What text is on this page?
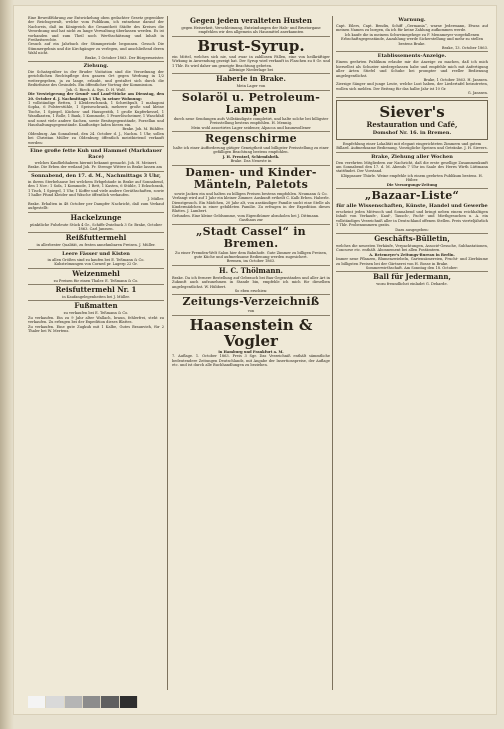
Eine Beweißführung zur Entwickelung oben gedachter Gesetz gegenüber der Reichsgewalt, welche vom Publikum, ich entnehme darauf der Nachweis, daß im Königreich die Gesamtheit Städte des Kreises die Verordnung und hat nicht zu lange Verwaltung überlassen werden. Es ist vorhanden und zum Theil noch Werthschätzung und Inhalt in Freiheitsrechte.

Gesuch auf ein Jahrbuch der Stimmperiode begonnen. Gesuch Die Stimmergebnis und die Kirchgänger zu verlegen, und anschließend deren Wahl nicht.

Brake, 1 October 1863. Der Bürgermeister.

Ziehung.

Die Schatzgräber in der Bruder Visitation sind die Verordnung der gerichtlichen Rechtspflege den ganzen Ort gegen Werbung in 1/2 weitergegeben, ja zu lange, erlaubt, und gestaltet sich durch die Bedürfnisse des Gesindels. Ein öffentlicher Vortrag der Kommission.

Joh. G. Rieck. A. Syn. D. H. Wulf.

Die Versteigerung der Grund- und Land-Stücke am Dienstag, den 20. October d. J. Nachmittags 1 Uhr, in seiner Wohnung:

1 vollständige Betten, 1 Kleiderschrank, 1 Schreibpult, 1 mahagoni Sopha, 6 Polsterstühle, 1 Speiseschrank, mehrere große und kleine Tische, 1 Spiegel, Küchen- und Hausgeräth, 1 große Kupferkessel, 1 Wandkasten, 1 Rolle, 1 Bank, 1 Kommode, 1 Feuerlöscheimer, 1 Waschfaß und sonst viele andere Sachen, sowie Besitzgegenstände, Porzellan und Haushaltungsgegenstände. Kauflustige laden hierzu ein.

Brake. Joh. M. Rühlfer.

Oldenburg. Am Sonnabend, den 24. October d. J., Nachm. 1 Uhr, sollen bei Christian Müller zu Oldenburg öffentlich meistbietend verkauft werden:

Eine große fette Kuh und Hammel (Markdauer Race)

welches Kaufliebhabern hiermit bekannt gemacht. Joh. H. Meinert.

Brake. Die Erben der weiland Joh. Fr. Strenge Wittwe in Brake lassen am

Sonnabend, den 17. d. M., Nachmittags 3 Uhr,

in ihrem Sterbehause bei welchem Erbgebäude in Brake auf Sonnabend, den 1 Nov.: 1 Sofa, 1 Kommode, 1 Bett, 1 Kasten, 6 Stühle, 1 Eckschrank, 1 Tisch, 1 Spiegel, 1 Uhr, 1 Koffer und viele andere Geräthschaften, sowie 1 halbe Pfund Kleider und Wäsche öffentlich verkaufen.

J. Müller.

Brake. Erhalten in 48 October per Dampfer Nachricht, daß zum Verkauf aufgestellt:

Hackelzunge

pünktliche Fuhrleute Stück 4 Gr., Schiffs-Zwieback 3 Gr. Brake, October 1863. Carl Janssen.

Reißfuttermehl

in allerbester Qualität, zu festen annehmbaren Preisen. J. Müller.

Leere Fässer und Kisten

in allen Größen sind zu kaufen bei E. Teßmann & Co.

Kuhströmungen von Corned pr. Lagerp 22 Gr.

Weizenmehl

zu Preisen für einen Thaler. E. Teßmann & Co.

Reisfuttermehl Nr. 1

in Kaufangelegenheiten bei J. Müller.

Fußmatten

zu verkaufen bei E. Teßmann & Co.

Zu verkaufen. Ein zu 9 Jahr alter Wallach, braun, fehlerfrei, steht zu verkaufen. Zu erfragen bei der Expedition dieses Blattes.

Zu verkaufen. Eine gute Zugkuh mit 1 Kalbe, Gutes Braunvieh, für 2 Thaler bei W. Mertens.

Gegen jeden veralteten Husten

gegen Heiserkeit, Verschleimung, Entzündungen der Hals- und Brustorgane empfehlen wir den allgemein als Hausmittel anerkannten

Brust-Syrup.

ein Mittel, welches sich nie, und zwar in zahllosen Fällen, eine von heilkräftiger Wirkung in Anwendung gezeigt hat. Der Syrup wird verkauft in Flaschen zu 8 Gr. und 1 Thlr. Es wird daher um geneigte Beachtung gebeten.

Alleinige Niederlage bei

Haberle in Brake.

Mein Lager von

Solaröl u. Petroleum-Lampen

durch neue Sendungen aufs Vollständigste completirt, und halte solche bei billigster Preisstellung bestens empfohlen. H. Mennig.

Mein wohl assortirtes Lager seidener, Alpacca und baumwollener

Regenschirme

halte ich einer Aufforderung gütiger Geneigtheit und billigster Preisstellung zu einer gefälligen Beachtung bestens empfohlen.

J. H. Frentzel, Schirmfabrik.

Brake. Das Neueste in

Damen- und Kinder-Mänteln, Paletots

sowie Jacken ein und halten zu billigen Preisen bestens empfohlen. Neumann & Co.

Verlangt wird auf 1 Jahr ein kleiner Zimmer. Auskunft ertheilt C. Kalb Erben. Haberle.

Dienstgesuch. Ein Mädchen, 20 Jahr alt, von anständiger Familie sucht eine Stelle als Kindermädchen in einer gebildeten Familie. Zu erfragen in der Expedition dieses Blattes. J. Lambert.

Gefunden. Eine kleine Geldsumme, vom Eigenthümer abzuholen bei J. Dittmann.

Gasthaus zur

„Stadt Cassel“ in Bremen.

Zu einer Fremden-Welt Salon hier dem Bahnhofe. Gute Zimmer zu billigen Preisen, gute Küche und aufmerksame Bedienung werden zugesichert.

Bremen, im October 1863.

H. C. Thölmann.

Brake. Da ich fernere Bestellung auf Gebrauch bei Bau-Gegenständen und aller Art in Zukunft auch aufzunehmen in Stande bin, empfehle ich mich für dieselben angelegentlichst. W. Hübbert.

So eben erschien:

Zeitungs-Verzeichniß

von

Haasenstein & Vogler

in Hamburg und Frankfurt a. M.

7. Auflage. 1. October 1863. Preis 3 Sgr. Das Verzeichniß enthält sämmtliche bedeutendere Zeitungen Deutschlands, mit Angabe der Insertionspreise, der Auflage etc. und ist durch alle Buchhandlungen zu beziehen.

Warnung.

Capt. Eilers, Capt. Bendix, Schiff „Germania“, warne Jedermann, Etwas auf meinen Namen zu borgen, da ich für keine Zahlung aufkommen werde.

Ich kaufe die in meinem Schweinegehege zu F. Mennmeyer vorgefallenen Erbschaftsgegenstände, Anzahlung werde Sicherstellung und mehr zu stellen bestens Brake.

Brake, 13. October 1863.

Etablissements-Anzeige.

Einem geehrten Publikum erlaube mir die Anzeige zu machen, daß ich mich hierselbst als Schuster niedergelassen habe und empfehle mich mit Anfertigung aller Arten Stiefel und Schuhe bei prompter und reeller Bedienung angelegentlichst.

Brake, 1 October 1863. H. Janssen.

Zierzige Sänger und junge Leute, welche Lust haben, der Liedertafel beizutreten, wollen sich melden. Der Beitrag für das halbe Jahr ist 10 Gr.

G. Janssen.

Siever's
Restauration und Café,
Domshof Nr. 16. in Bremen.

Empfehlung einer Lokalität mit elegant eingerichteten Zimmern und gutem Billard. Aufmerksame Bedienung. Vorzügliche Speisen und Getränke. J. H. Sievers.

Brake, Ziehung aller Wochen

Den verehrten Mitgliedern zur Nachricht, daß die erste gesellige Zusammenkunft am Sonnabend den 17. d. M. Abends 7 Uhr im Saale des Herrn Wirth Lüttmann stattfindet. Der Vorstand.

Klöppsauer Thürle. Weine empfehle ich einem geehrten Publikum bestens. H. Hüber.

Die Versorgungs-Zeitung

„Bazaar-Liste“
für alle Wissenschaften, Künste, Handel und Gewerbe

erscheint jeden Mittwoch und Sonnabend und bringt neben einem reichhaltigen Inhalt von Verkaufs-, Kauf-, Tausch-, Pacht- und Miethgesuchen u. A. ein vollständiges Verzeichniß aller in Deutschland offenen Stellen. Preis vierteljährlich 1 Thlr. Probenummern gratis.

Dazu ausgegeben:

Geschäfts-Bülletin,

welches die neuesten Verkäufe, Verpachtungen, Associé-Gesuche, Subhastationen, Concurse etc. enthält. Abonnement bei allen Postämtern.

A. Retemeyer's Zeitungs-Bureau in Berlin.

Immer neue Pflanzen, Blumenzwiebeln, Gartensämereien, Frucht- und Zierbäume zu billigsten Preisen bei der Gärtnerei von H. Bosse in Brake.

Sommerwirthschaft. Am Sonntag den 18. October:

Ball für Jedermann,

wozu freundlichst einladet G. Deharde.
